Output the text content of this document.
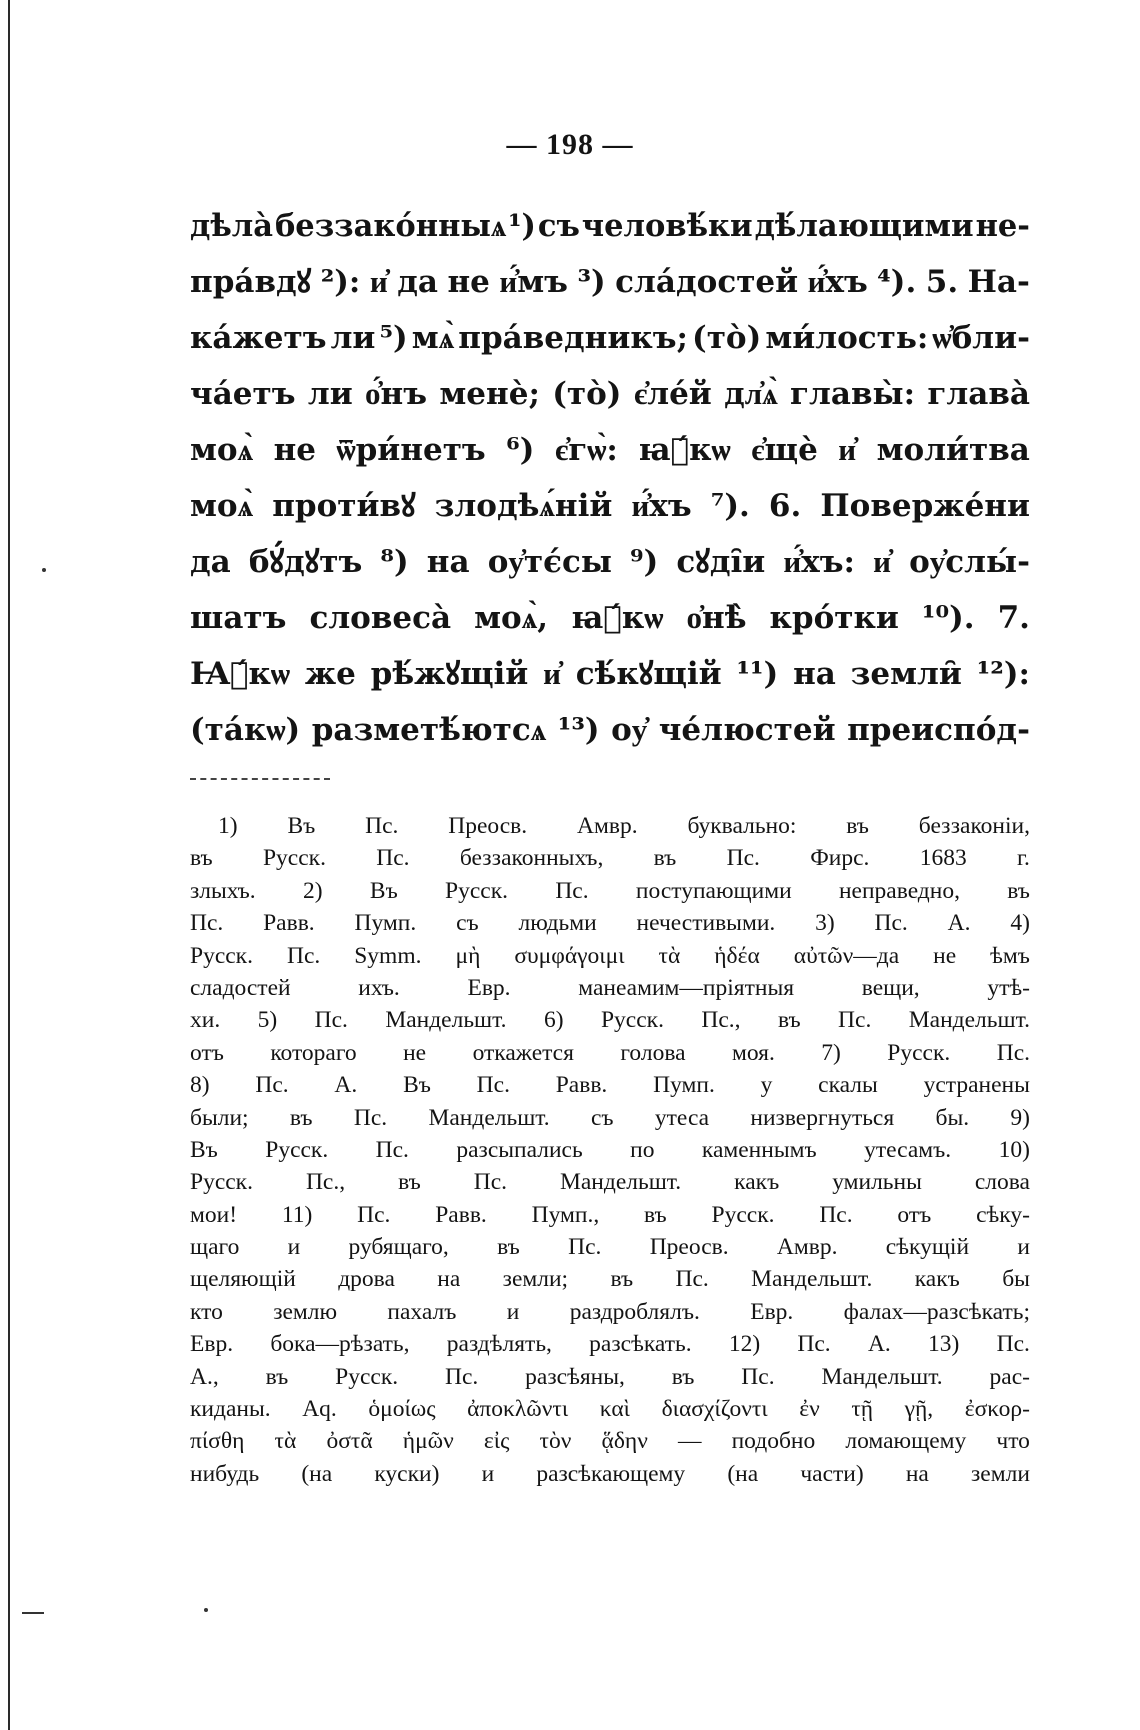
— 198 —
дѣла̀ беззако́нныѧ ¹) съ человѣ́ки дѣ́лающими не-
пра́вдꙋ ²): и҆ да не и҆́мъ ³) сла́достей и҆́хъ ⁴). 5. На-
ка́жетъ ли ⁵) мѧ̀ пра́ведникъ; (то̀) ми́лость: ѡ҆бли-
ча́етъ ли о҆́нъ менѐ; (то̀) є҆ле́й дл҆ѧ̀ главы̀: глава̀
моѧ̀ не ѿри́нетъ ⁶) є҆гѡ̀: ꙗ҆́кѡ є҆щѐ и҆ моли́тва
моѧ̀ проти́вꙋ злодѣѧ́ній и҆́хъ ⁷). 6. Поверже́ни
да бꙋ́дꙋтъ ⁸) на оу҆тє́сы ⁹) сꙋді̑и и҆́хъ: и҆ оу҆слы́-
шатъ словеса̀ моѧ̀, ꙗ҆́кѡ о҆нѣ̀ кро́тки ¹⁰). 7.
Ꙗ҆́кѡ же рѣ́жꙋщій и҆ сѣ́кꙋщій ¹¹) на земли̑ ¹²):
(та́кѡ) разметѣ́ютсѧ ¹³) оу҆ че́люстей преиспо́д-
1) Въ Пс. Преосв. Амвр. буквально: въ беззаконіи,
въ Русск. Пс. беззаконныхъ, въ Пс. Фирс. 1683 г.
злыхъ. 2) Въ Русск. Пс. поступающими неправедно, въ
Пс. Равв. Пумп. съ людьми нечестивыми. 3) Пс. А. 4)
Русск. Пс. Symm. μὴ συμφάγοιμι τὰ ἡδέα αὐτῶν—да не ѣмъ
сладостей	ихъ.	Евр.	манеамим—пріятныя	вещи,	утѣ-
хи. 5) Пс. Мандельшт. 6) Русск. Пс., въ Пс. Мандельшт.
отъ котораго не откажется голова моя. 7) Русск. Пс.
8) Пс. А. Въ Пс. Равв. Пумп. у скалы устранены
были; въ Пс. Мандельшт. съ утеса низвергнуться бы. 9)
Въ Русск. Пс. разсыпались по каменнымъ утесамъ. 10)
Русск. Пс., въ Пс. Мандельшт. какъ умильны слова
мои! 11) Пс. Равв. Пумп., въ Русск. Пс. отъ сѣку-
щаго и рубящаго, въ Пс. Преосв. Амвр. сѣкущій и
щеляющій дрова на земли; въ Пс. Мандельшт. какъ бы
кто землю пахалъ и раздроблялъ. Евр. фалах—разсѣкать;
Евр. бока—рѣзать, раздѣлять, разсѣкать. 12) Пс. А. 13) Пс.
А., въ Русск. Пс. разсѣяны, въ Пс. Мандельшт. рас-
киданы. Aq. ὁμοίως ἀποκλῶντι καὶ διασχίζοντι ἐν τῇ γῇ, ἐσκορ-
πίσθη τὰ ὀστᾶ ἡμῶν εἰς τὸν ᾅδην — подобно ломающему что
нибудь (на куски) и разсѣкающему (на части) на земли
